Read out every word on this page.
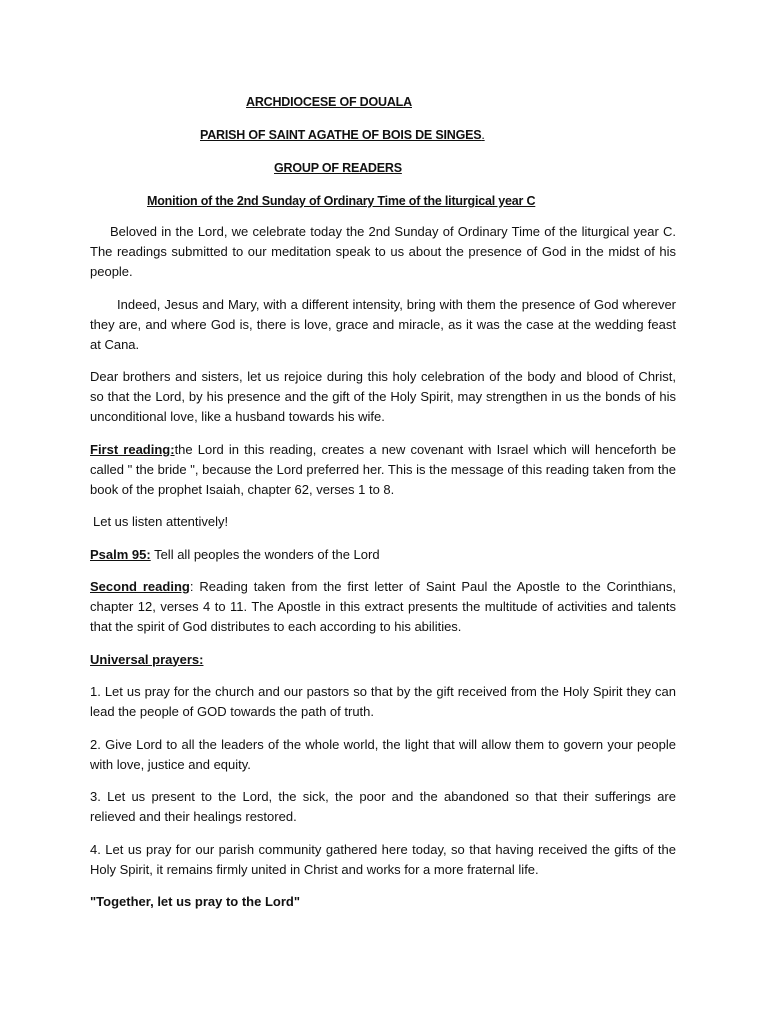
ARCHDIOCESE OF DOUALA
PARISH OF SAINT AGATHE OF BOIS DE SINGES.
GROUP OF READERS
Monition of the 2nd Sunday of Ordinary Time of the liturgical year C

Beloved in the Lord, we celebrate today the 2nd Sunday of Ordinary Time of the liturgical year C. The readings submitted to our meditation speak to us about the presence of God in the midst of his people.

Indeed, Jesus and Mary, with a different intensity, bring with them the presence of God wherever they are, and where God is, there is love, grace and miracle, as it was the case at the wedding feast at Cana.

Dear brothers and sisters, let us rejoice during this holy celebration of the body and blood of Christ, so that the Lord, by his presence and the gift of the Holy Spirit, may strengthen in us the bonds of his unconditional love, like a husband towards his wife.

First reading:the Lord in this reading, creates a new covenant with Israel which will henceforth be called " the bride ", because the Lord preferred her. This is the message of this reading taken from the book of the prophet Isaiah, chapter 62, verses 1 to 8.

Let us listen attentively!

Psalm 95: Tell all peoples the wonders of the Lord

Second reading: Reading taken from the first letter of Saint Paul the Apostle to the Corinthians, chapter 12, verses 4 to 11. The Apostle in this extract presents the multitude of activities and talents that the spirit of God distributes to each according to his abilities.

Universal prayers:

1. Let us pray for the church and our pastors so that by the gift received from the Holy Spirit they can lead the people of GOD towards the path of truth.

2. Give Lord to all the leaders of the whole world, the light that will allow them to govern your people with love, justice and equity.

3. Let us present to the Lord, the sick, the poor and the abandoned so that their sufferings are relieved and their healings restored.

4. Let us pray for our parish community gathered here today, so that having received the gifts of the Holy Spirit, it remains firmly united in Christ and works for a more fraternal life.

"Together, let us pray to the Lord"
